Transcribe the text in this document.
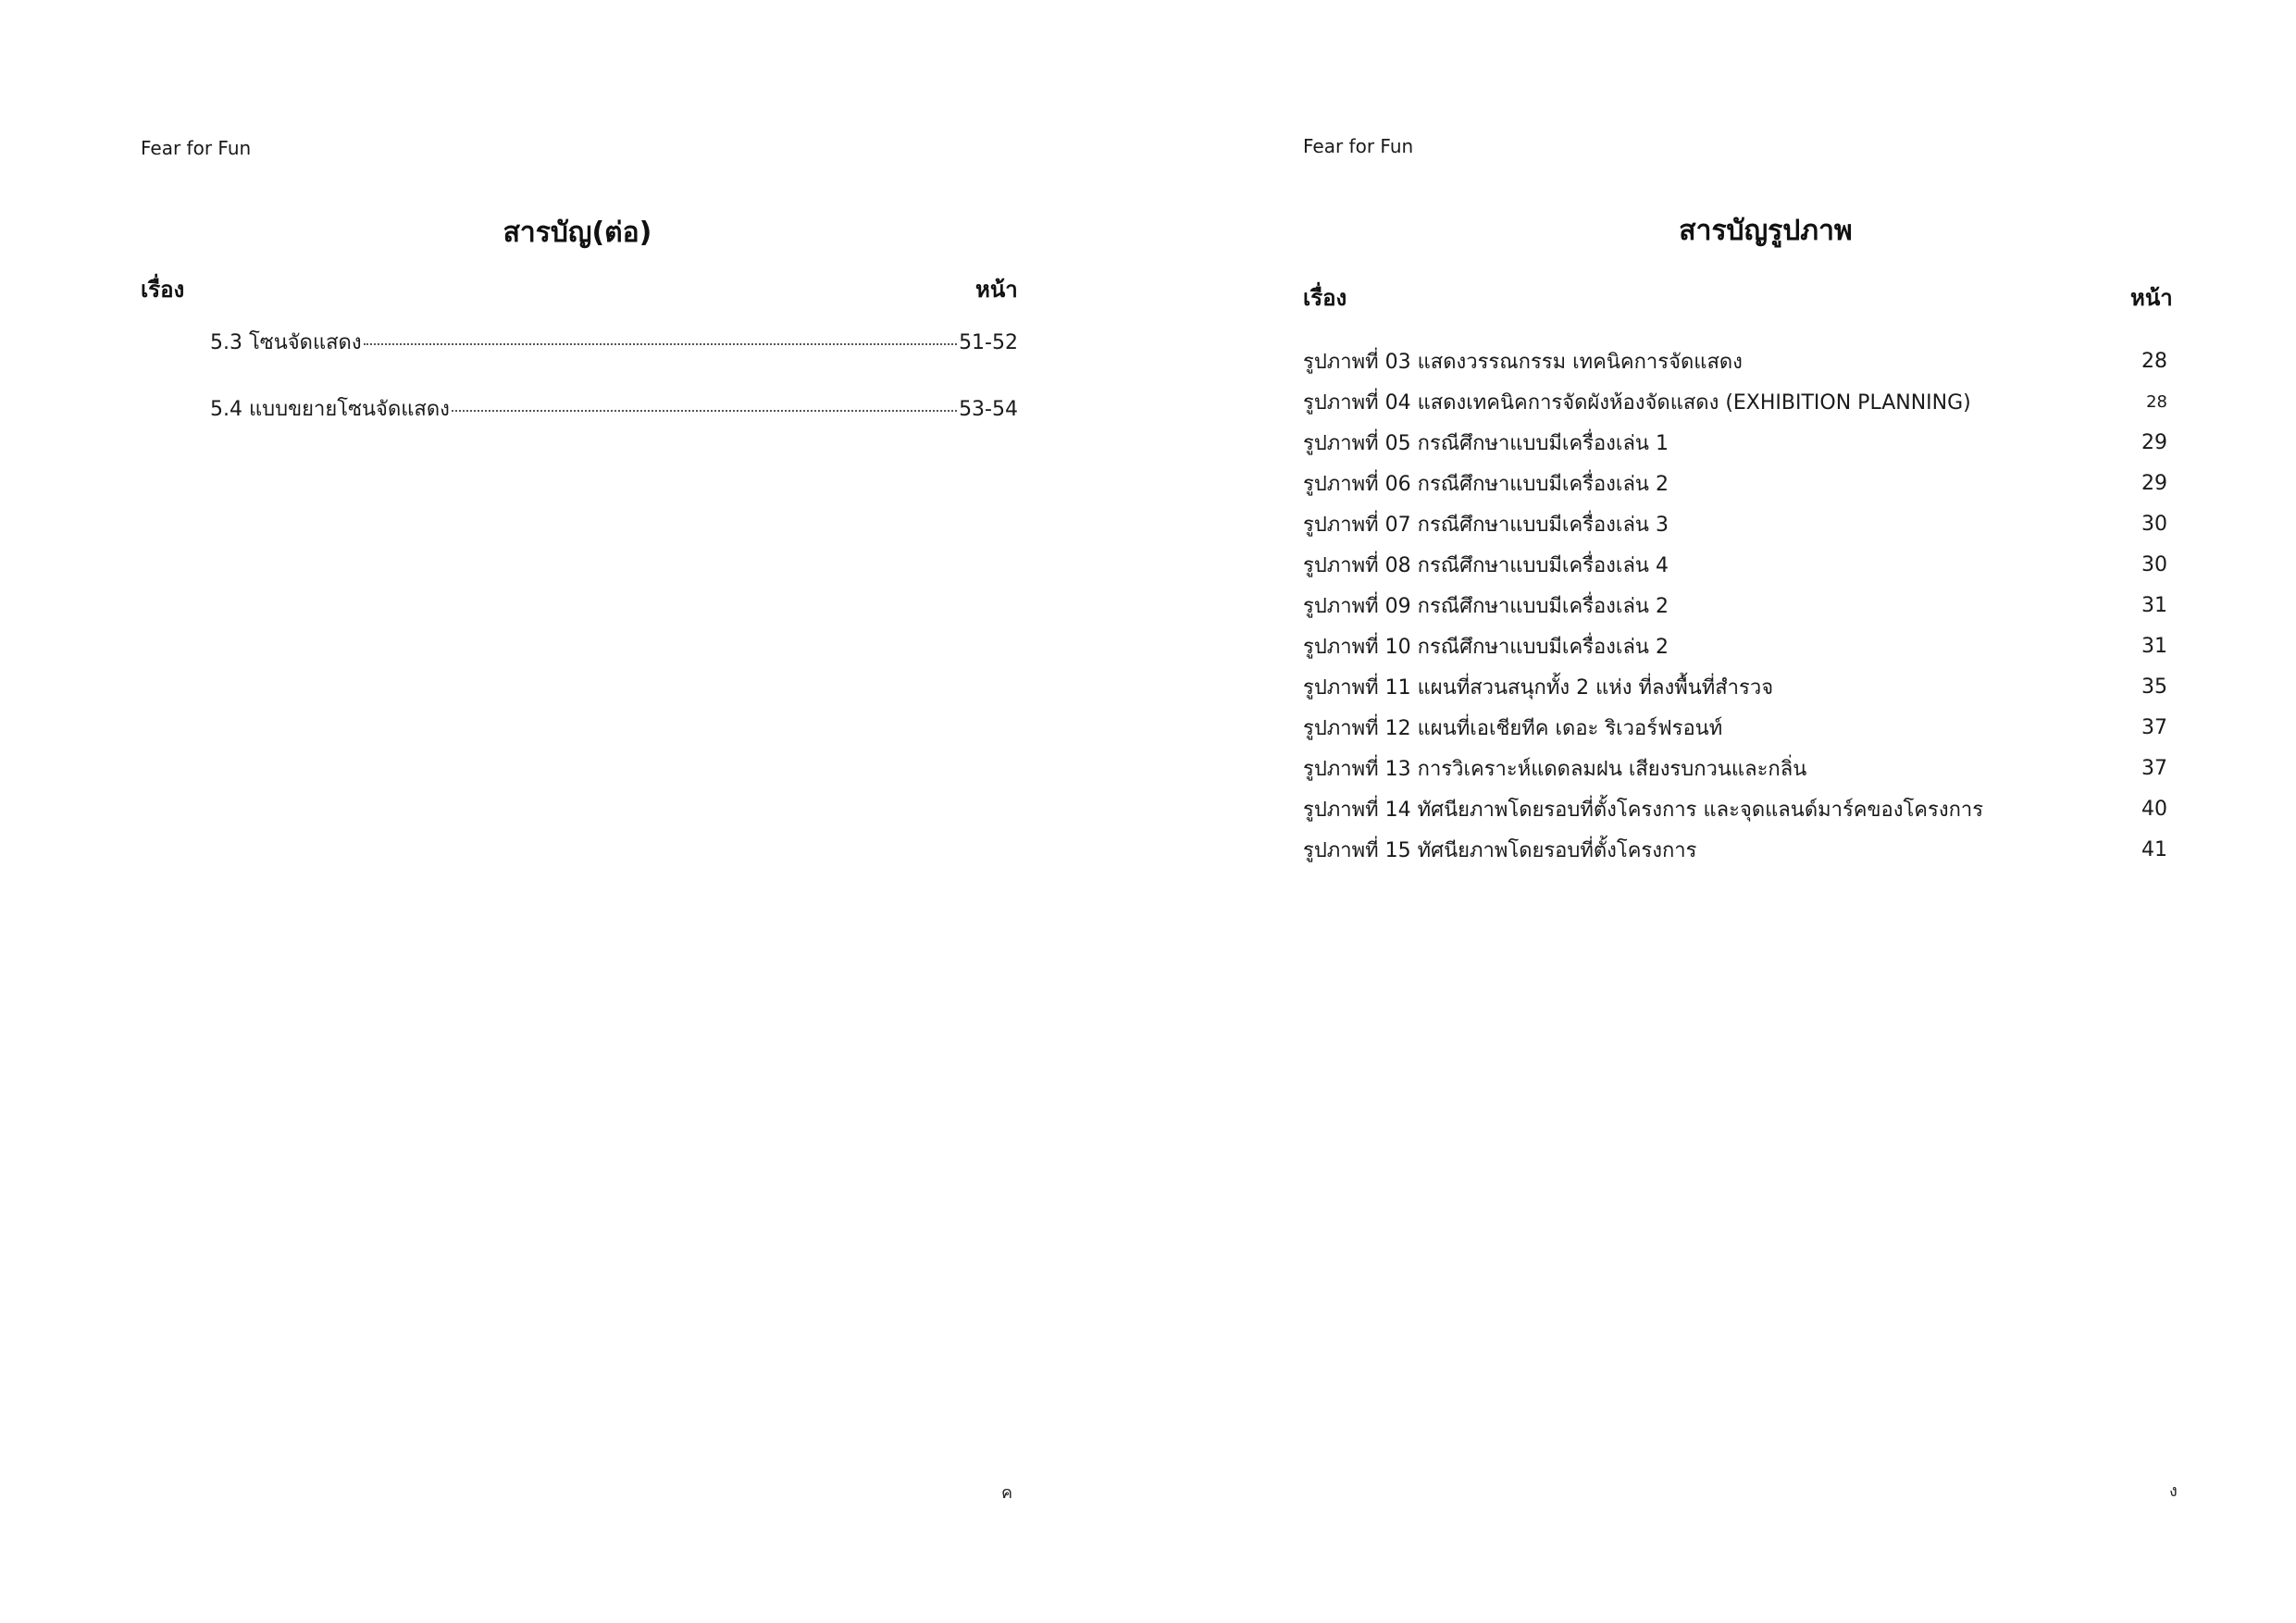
Fear for Fun
สารบัญ(ต่อ)
เรื่อง	หน้า
5.3 โซนจัดแสดง	51-52
5.4 แบบขยายโซนจัดแสดง	53-54
ค
Fear for Fun
สารบัญรูปภาพ
เรื่อง	หน้า
รูปภาพที่ 03 แสดงวรรณกรรม เทคนิคการจัดแสดง	28
รูปภาพที่ 04 แสดงเทคนิคการจัดผังห้องจัดแสดง (EXHIBITION PLANNING)	28
รูปภาพที่ 05 กรณีศึกษาแบบมีเครื่องเล่น 1	29
รูปภาพที่ 06 กรณีศึกษาแบบมีเครื่องเล่น 2	29
รูปภาพที่ 07 กรณีศึกษาแบบมีเครื่องเล่น 3	30
รูปภาพที่ 08 กรณีศึกษาแบบมีเครื่องเล่น 4	30
รูปภาพที่ 09 กรณีศึกษาแบบมีเครื่องเล่น 2	31
รูปภาพที่ 10 กรณีศึกษาแบบมีเครื่องเล่น 2	31
รูปภาพที่ 11 แผนที่สวนสนุกทั้ง 2 แห่ง ที่ลงพื้นที่สำรวจ	35
รูปภาพที่ 12 แผนที่เอเชียทีค เดอะ ริเวอร์ฟรอนท์	37
รูปภาพที่ 13 การวิเคราะห์แดดลมฝน เสียงรบกวนและกลิ่น	37
รูปภาพที่ 14 ทัศนียภาพโดยรอบที่ตั้งโครงการ และจุดแลนด์มาร์คของโครงการ	40
รูปภาพที่ 15 ทัศนียภาพโดยรอบที่ตั้งโครงการ	41
ง
